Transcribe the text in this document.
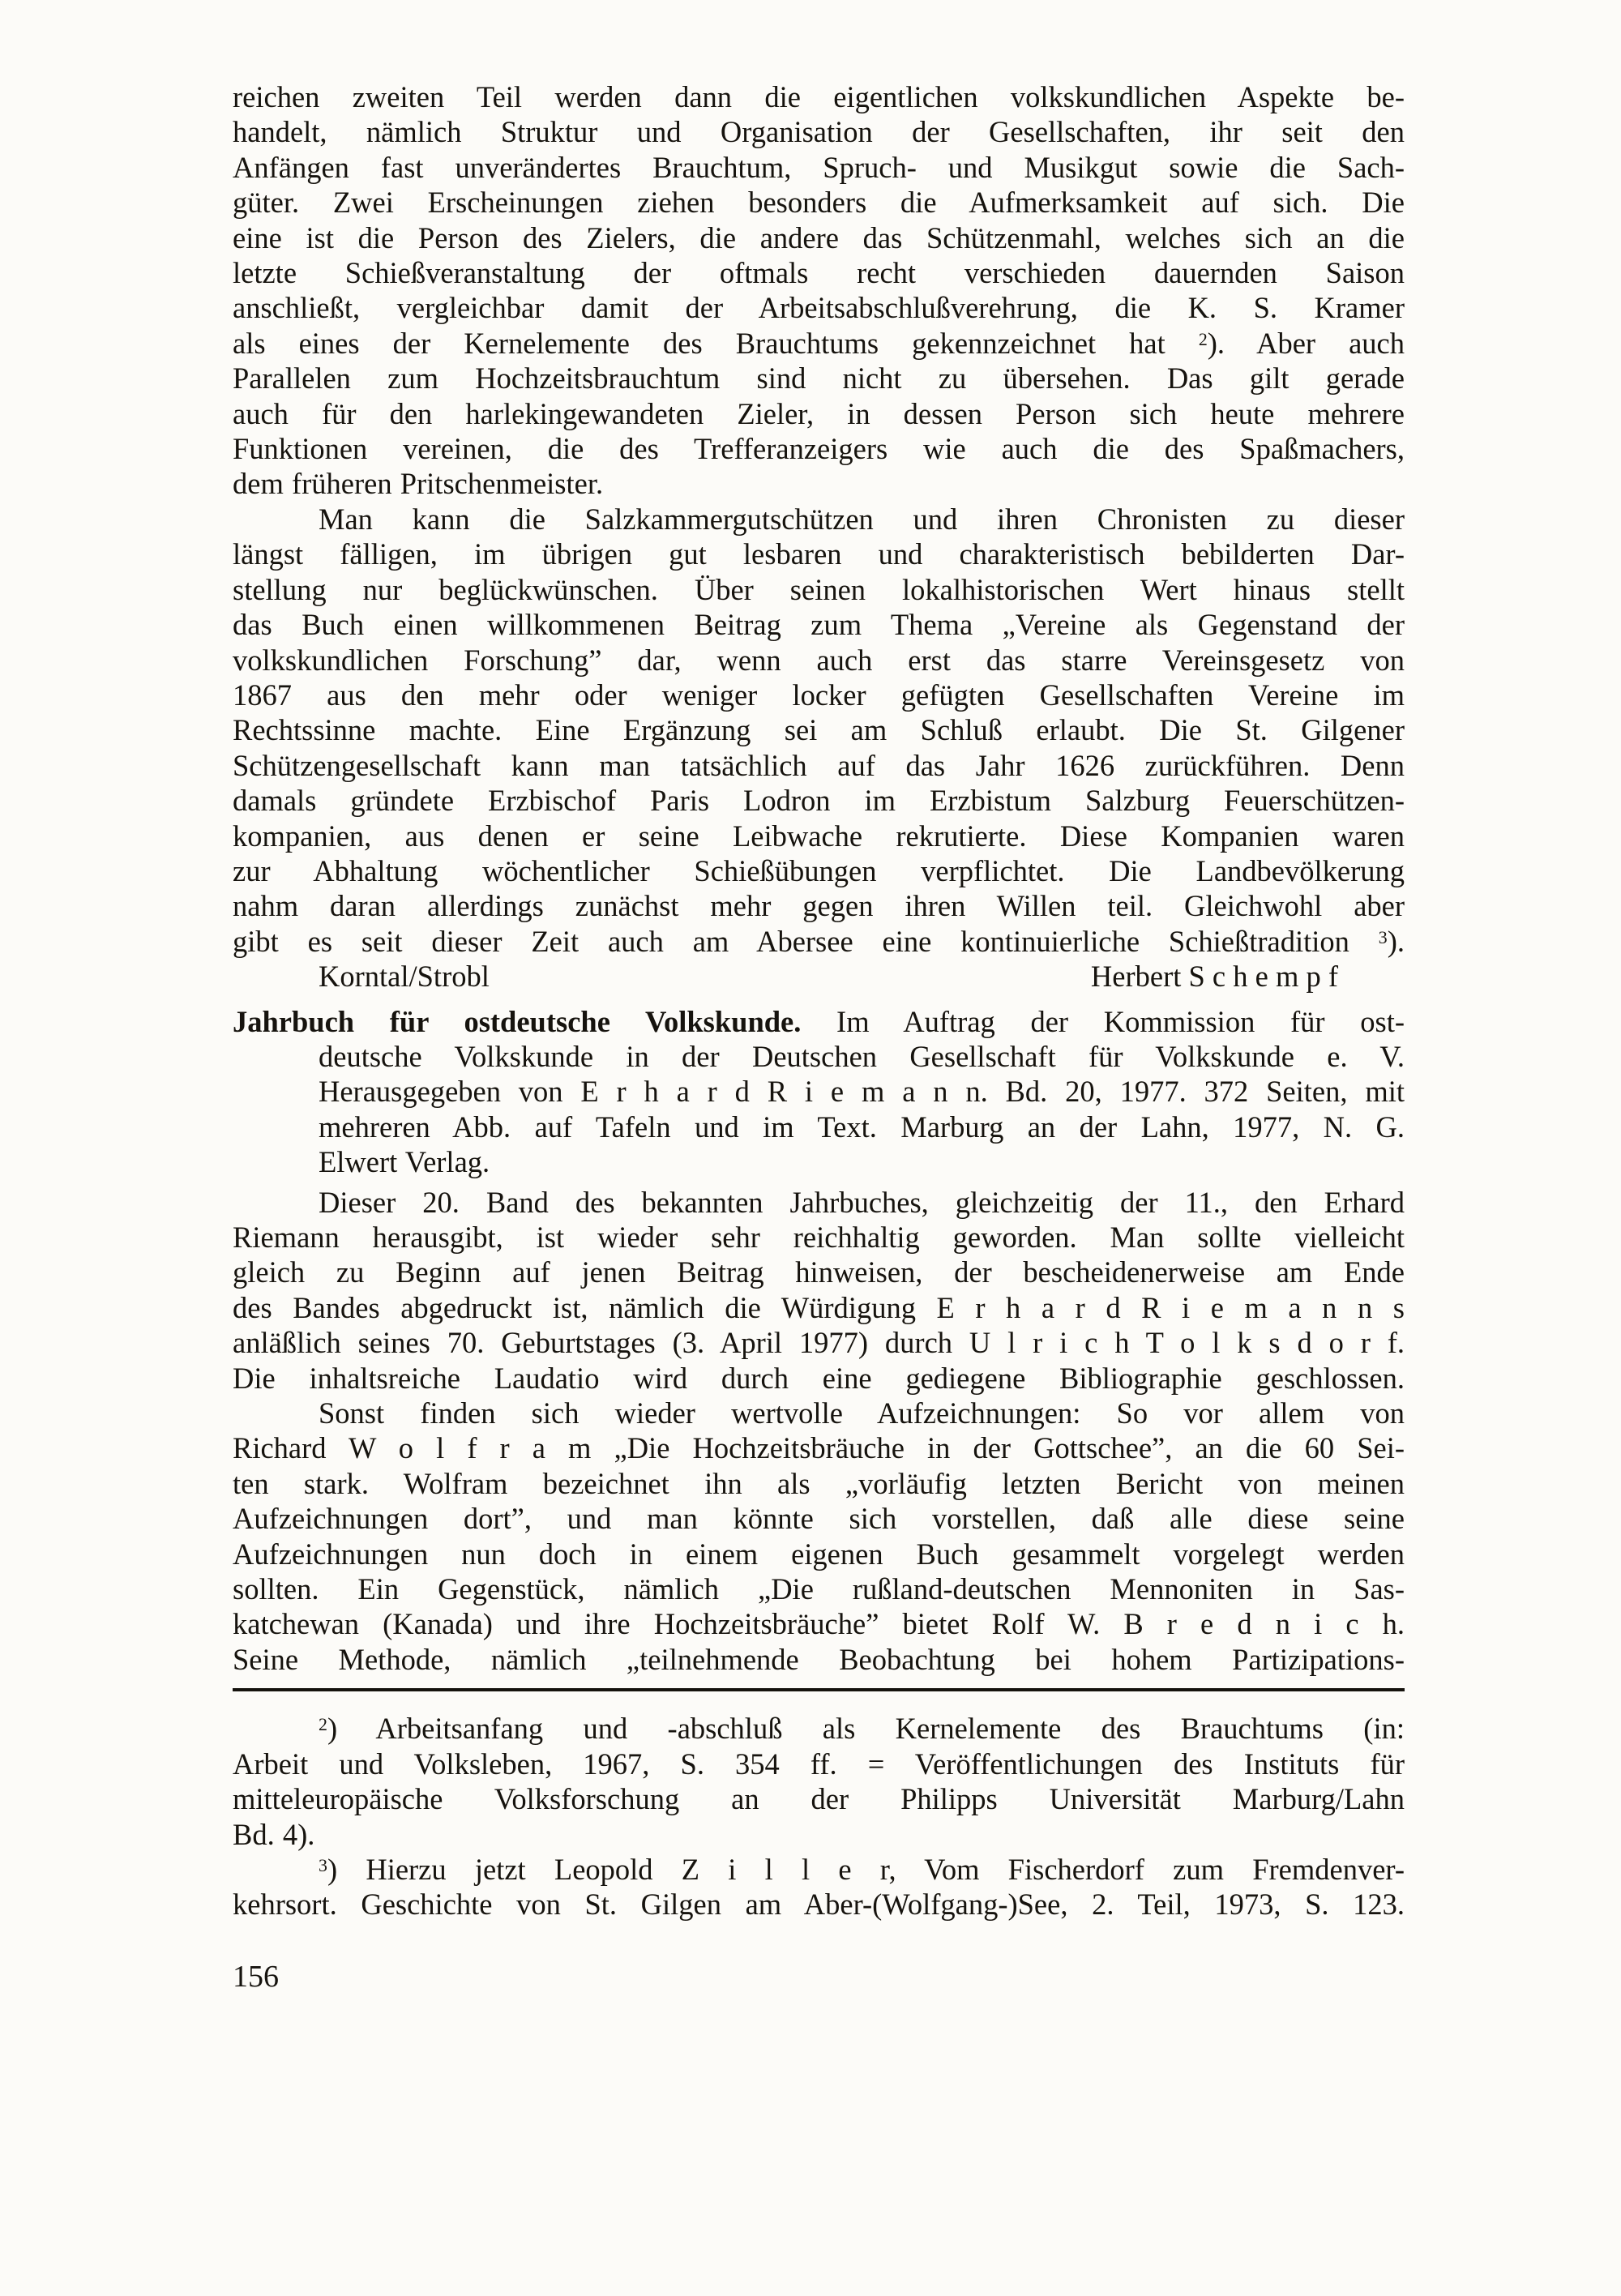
reichen zweiten Teil werden dann die eigentlichen volkskundlichen Aspekte be-
handelt, nämlich Struktur und Organisation der Gesellschaften, ihr seit den
Anfängen fast unverändertes Brauchtum, Spruch- und Musikgut sowie die Sach-
güter. Zwei Erscheinungen ziehen besonders die Aufmerksamkeit auf sich. Die
eine ist die Person des Zielers, die andere das Schützenmahl, welches sich an die
letzte Schießveranstaltung der oftmals recht verschieden dauernden Saison
anschließt, vergleichbar damit der Arbeitsabschlußverehrung, die K. S. Kramer
als eines der Kernelemente des Brauchtums gekennzeichnet hat $^2$). Aber auch
Parallelen zum Hochzeitsbrauchtum sind nicht zu übersehen. Das gilt gerade
auch für den harlekingewandeten Zieler, in dessen Person sich heute mehrere
Funktionen vereinen, die des Trefferanzeigers wie auch die des Spaßmachers,
dem früheren Pritschenmeister.
Man kann die Salzkammergutschützen und ihren Chronisten zu dieser
längst fälligen, im übrigen gut lesbaren und charakteristisch bebilderten Dar-
stellung nur beglückwünschen. Über seinen lokalhistorischen Wert hinaus stellt
das Buch einen willkommenen Beitrag zum Thema „Vereine als Gegenstand der
volkskundlichen Forschung” dar, wenn auch erst das starre Vereinsgesetz von
1867 aus den mehr oder weniger locker gefügten Gesellschaften Vereine im
Rechtssinne machte. Eine Ergänzung sei am Schluß erlaubt. Die St. Gilgener
Schützengesellschaft kann man tatsächlich auf das Jahr 1626 zurückführen. Denn
damals gründete Erzbischof Paris Lodron im Erzbistum Salzburg Feuerschützen-
kompanien, aus denen er seine Leibwache rekrutierte. Diese Kompanien waren
zur Abhaltung wöchentlicher Schießübungen verpflichtet. Die Landbevölkerung
nahm daran allerdings zunächst mehr gegen ihren Willen teil. Gleichwohl aber
gibt es seit dieser Zeit auch am Abersee eine kontinuierliche Schießtradition $^3$).
Korntal/Strobl	Herbert S c h e m p f
Jahrbuch für ostdeutsche Volkskunde. Im Auftrag der Kommission für ost-
deutsche Volkskunde in der Deutschen Gesellschaft für Volkskunde e. V.
Herausgegeben von E r h a r d R i e m a n n. Bd. 20, 1977. 372 Seiten, mit
mehreren Abb. auf Tafeln und im Text. Marburg an der Lahn, 1977, N. G.
Elwert Verlag.
Dieser 20. Band des bekannten Jahrbuches, gleichzeitig der 11., den Erhard
Riemann herausgibt, ist wieder sehr reichhaltig geworden. Man sollte vielleicht
gleich zu Beginn auf jenen Beitrag hinweisen, der bescheidenerweise am Ende
des Bandes abgedruckt ist, nämlich die Würdigung E r h a r d R i e m a n n s
anläßlich seines 70. Geburtstages (3. April 1977) durch U l r i c h T o l k s d o r f.
Die inhaltsreiche Laudatio wird durch eine gediegene Bibliographie geschlossen.
Sonst finden sich wieder wertvolle Aufzeichnungen: So vor allem von
Richard W o l f r a m „Die Hochzeitsbräuche in der Gottschee”, an die 60 Sei-
ten stark. Wolfram bezeichnet ihn als „vorläufig letzten Bericht von meinen
Aufzeichnungen dort”, und man könnte sich vorstellen, daß alle diese seine
Aufzeichnungen nun doch in einem eigenen Buch gesammelt vorgelegt werden
sollten. Ein Gegenstück, nämlich „Die rußland-deutschen Mennoniten in Sas-
katchewan (Kanada) und ihre Hochzeitsbräuche” bietet Rolf W. B r e d n i c h.
Seine Methode, nämlich „teilnehmende Beobachtung bei hohem Partizipations-
$^2$) Arbeitsanfang und -abschluß als Kernelemente des Brauchtums (in:
Arbeit und Volksleben, 1967, S. 354 ff. = Veröffentlichungen des Instituts für
mitteleuropäische Volksforschung an der Philipps Universität Marburg/Lahn
Bd. 4).
$^3$) Hierzu jetzt Leopold Z i l l e r, Vom Fischerdorf zum Fremdenver-
kehrsort. Geschichte von St. Gilgen am Aber-(Wolfgang-)See, 2. Teil, 1973, S. 123.
156
